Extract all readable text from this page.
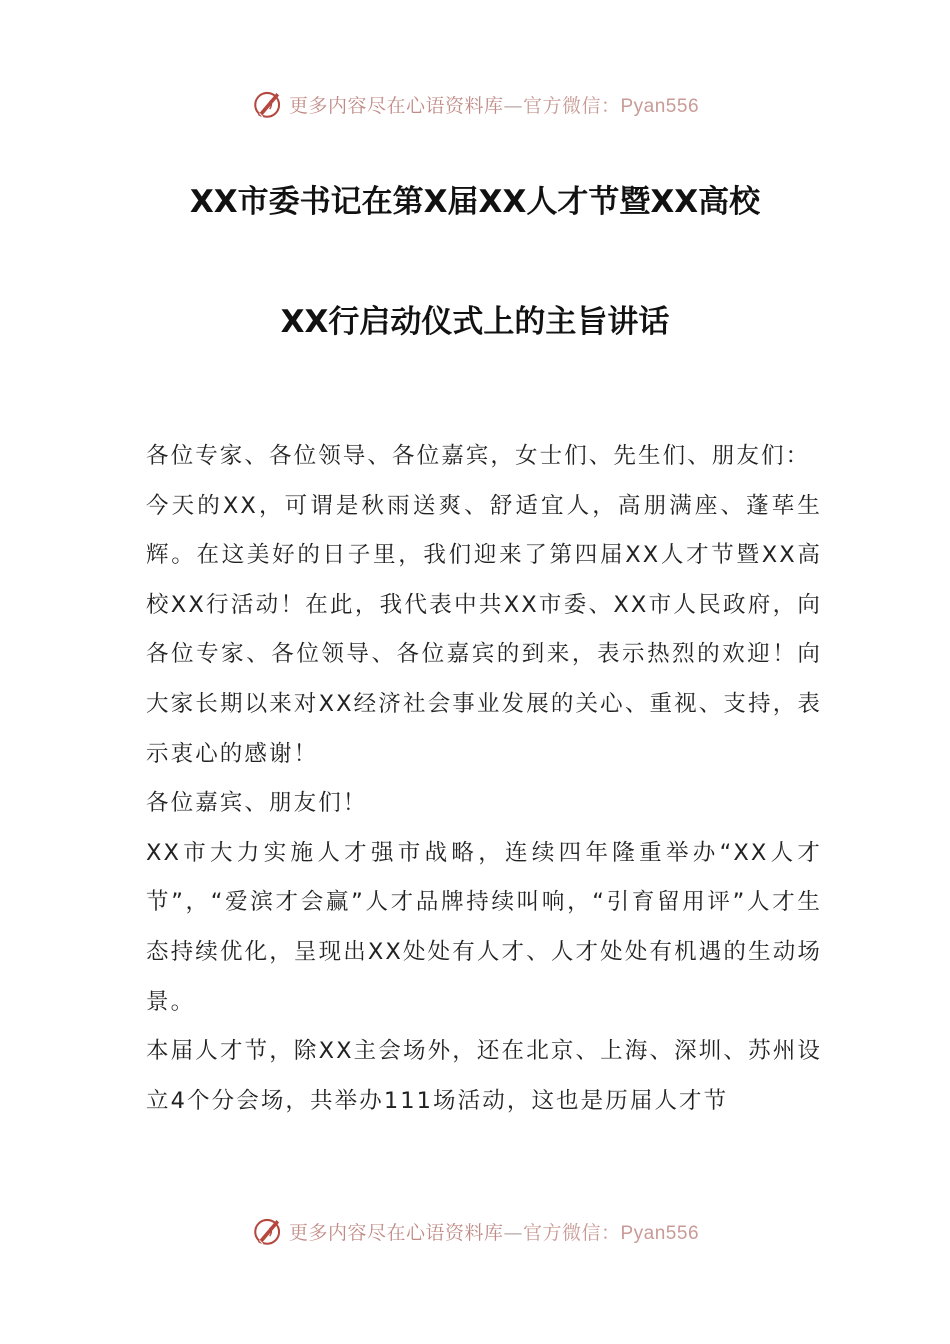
更多内容尽在心语资料库—官方微信：Pyan556
XX市委书记在第X届XX人才节暨XX高校
XX行启动仪式上的主旨讲话

各位专家、各位领导、各位嘉宾，女士们、先生们、朋友们：

今天的XX，可谓是秋雨送爽、舒适宜人，高朋满座、蓬荜生辉。在这美好的日子里，我们迎来了第四届XX人才节暨XX高校XX行活动！在此，我代表中共XX市委、XX市人民政府，向各位专家、各位领导、各位嘉宾的到来，表示热烈的欢迎！向大家长期以来对XX经济社会事业发展的关心、重视、支持，表示衷心的感谢！

各位嘉宾、朋友们！

XX市大力实施人才强市战略，连续四年隆重举办“XX人才节”，“爱滨才会赢”人才品牌持续叫响，“引育留用评”人才生态持续优化，呈现出XX处处有人才、人才处处有机遇的生动场景。

本届人才节，除XX主会场外，还在北京、上海、深圳、苏州设立4个分会场，共举办111场活动，这也是历届人才节

更多内容尽在心语资料库—官方微信：Pyan556
